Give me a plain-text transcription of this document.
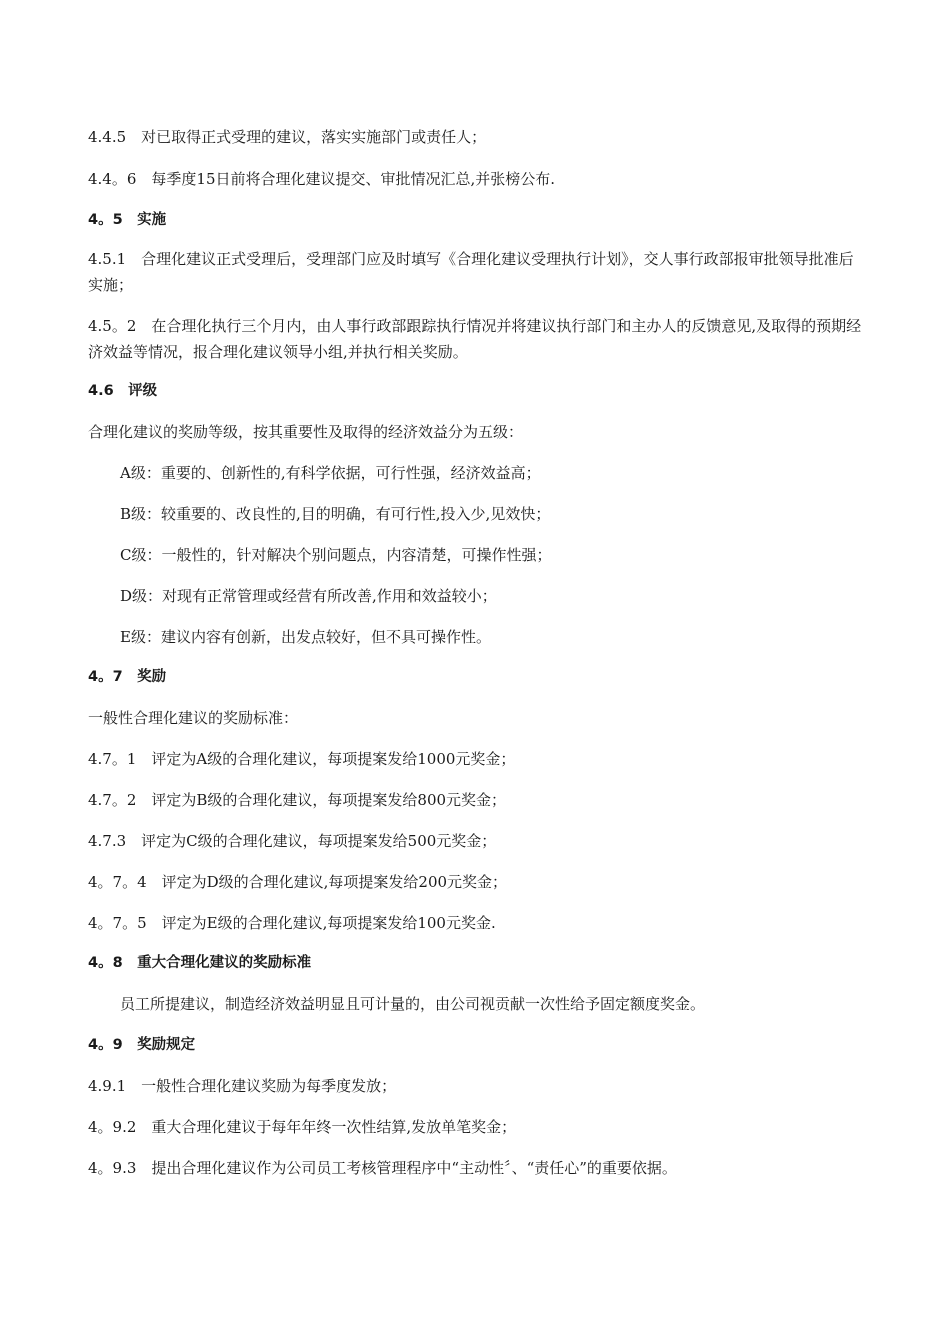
4.4.5　对已取得正式受理的建议，落实实施部门或责任人；
4.4。6　每季度15日前将合理化建议提交、审批情况汇总,并张榜公布.
4。5　实施
4.5.1　合理化建议正式受理后，受理部门应及时填写《合理化建议受理执行计划》，交人事行政部报审批领导批准后实施；
4.5。2　在合理化执行三个月内，由人事行政部跟踪执行情况并将建议执行部门和主办人的反馈意见,及取得的预期经济效益等情况，报合理化建议领导小组,并执行相关奖励。
4.6　评级
合理化建议的奖励等级，按其重要性及取得的经济效益分为五级：
A级：重要的、创新性的,有科学依据，可行性强，经济效益高；
B级：较重要的、改良性的,目的明确，有可行性,投入少,见效快；
C级：一般性的，针对解决个别问题点，内容清楚，可操作性强；
D级：对现有正常管理或经营有所改善,作用和效益较小；
E级：建议内容有创新，出发点较好，但不具可操作性。
4。7　奖励
一般性合理化建议的奖励标准：
4.7。1　评定为A级的合理化建议，每项提案发给1000元奖金；
4.7。2　评定为B级的合理化建议，每项提案发给800元奖金；
4.7.3　评定为C级的合理化建议，每项提案发给500元奖金；
4。7。4　评定为D级的合理化建议,每项提案发给200元奖金；
4。7。5　评定为E级的合理化建议,每项提案发给100元奖金.
4。8　重大合理化建议的奖励标准
员工所提建议，制造经济效益明显且可计量的，由公司视贡献一次性给予固定额度奖金。
4。9　奖励规定
4.9.1　一般性合理化建议奖励为每季度发放；
4。9.2　重大合理化建议于每年年终一次性结算,发放单笔奖金；
4。9.3　提出合理化建议作为公司员工考核管理程序中“主动性〞、“责任心”的重要依据。
